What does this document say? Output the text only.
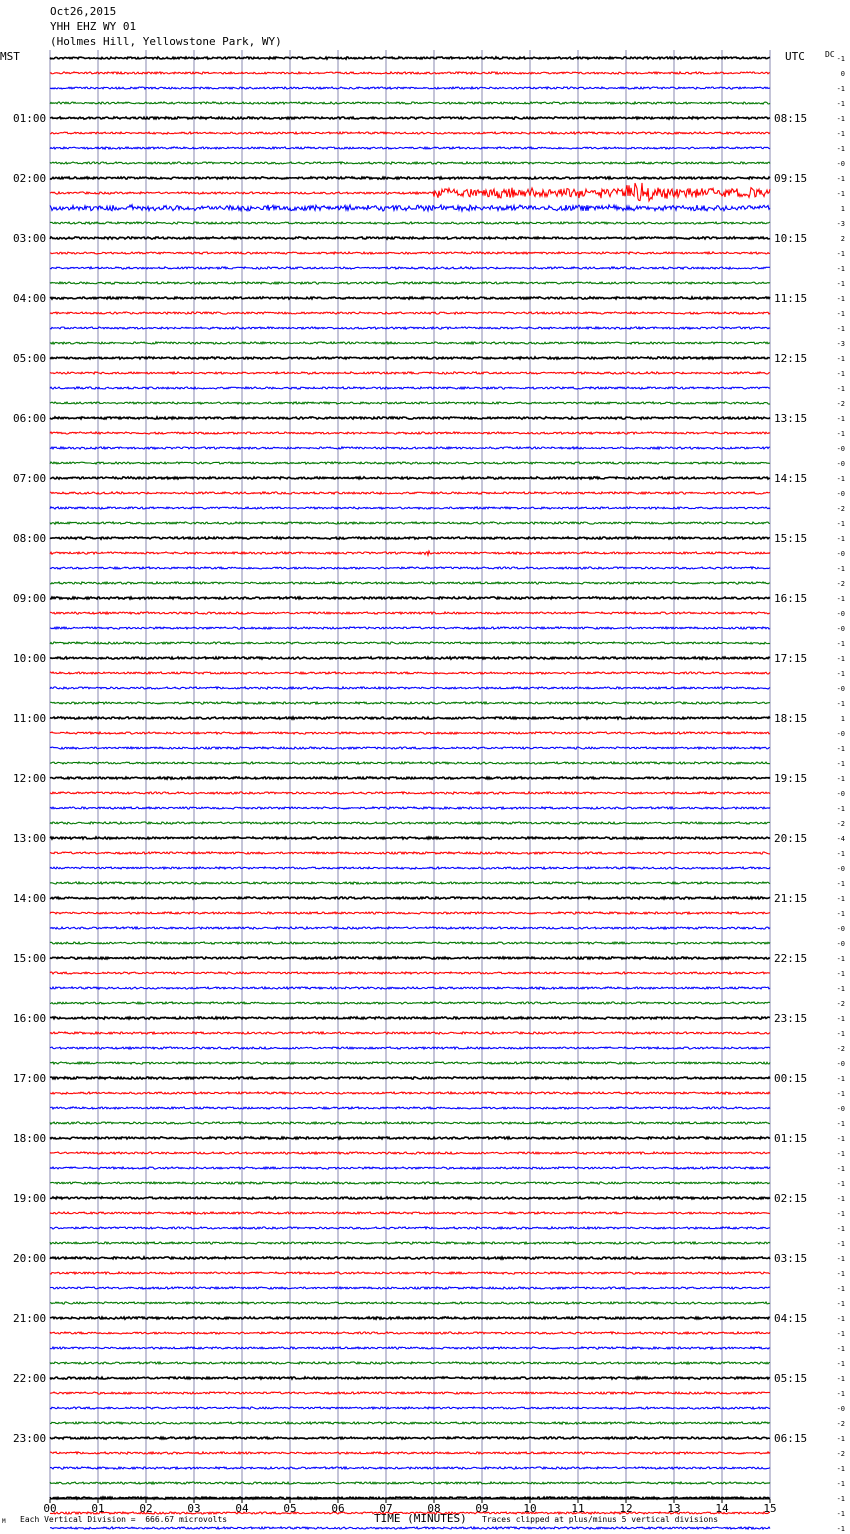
Oct26,2015
YHH EHZ WY 01
(Holmes Hill, Yellowstone Park, WY)
MST	UTC	DC
01:00
02:00
03:00
04:00
05:00
06:00
07:00
08:00
09:00
10:00
11:00
12:00
13:00
14:00
15:00
16:00
17:00
18:00
19:00
20:00
21:00
22:00
23:00
08:15
09:15
10:15
11:15
12:15
13:15
14:15
15:15
16:15
17:15
18:15
19:15
20:15
21:15
22:15
23:15
00:15
01:15
02:15
03:15
04:15
05:15
06:15
-1
0
-1
-1
-1
-1
-1
-0
-1
-1
1
-3
2
-1
-1
-1
-1
-1
-1
-3
-1
-1
-1
-2
-1
-1
-0
-0
-1
-0
-2
-1
-1
-0
-1
-2
-1
-0
-0
-1
-1
-1
-0
-1
1
-0
-1
-1
-1
-0
-1
-2
-4
-1
-0
-1
-1
-1
-0
-0
-1
-1
-1
-2
-1
-1
-2
-0
-1
-1
-0
-1
-1
-1
-1
-1
-1
-1
-1
-1
-1
-1
-1
-1
-1
-1
-1
-1
-1
-1
-0
-2
-1
-2
-1
-1
-1
-1
-1
00	01	02	03	04	05	06	07	08	09	10	11	12	13	14	15
M Each Vertical Division =  666.67 microvolts	TIME (MINUTES) Traces clipped at plus/minus 5 vertical divisions
